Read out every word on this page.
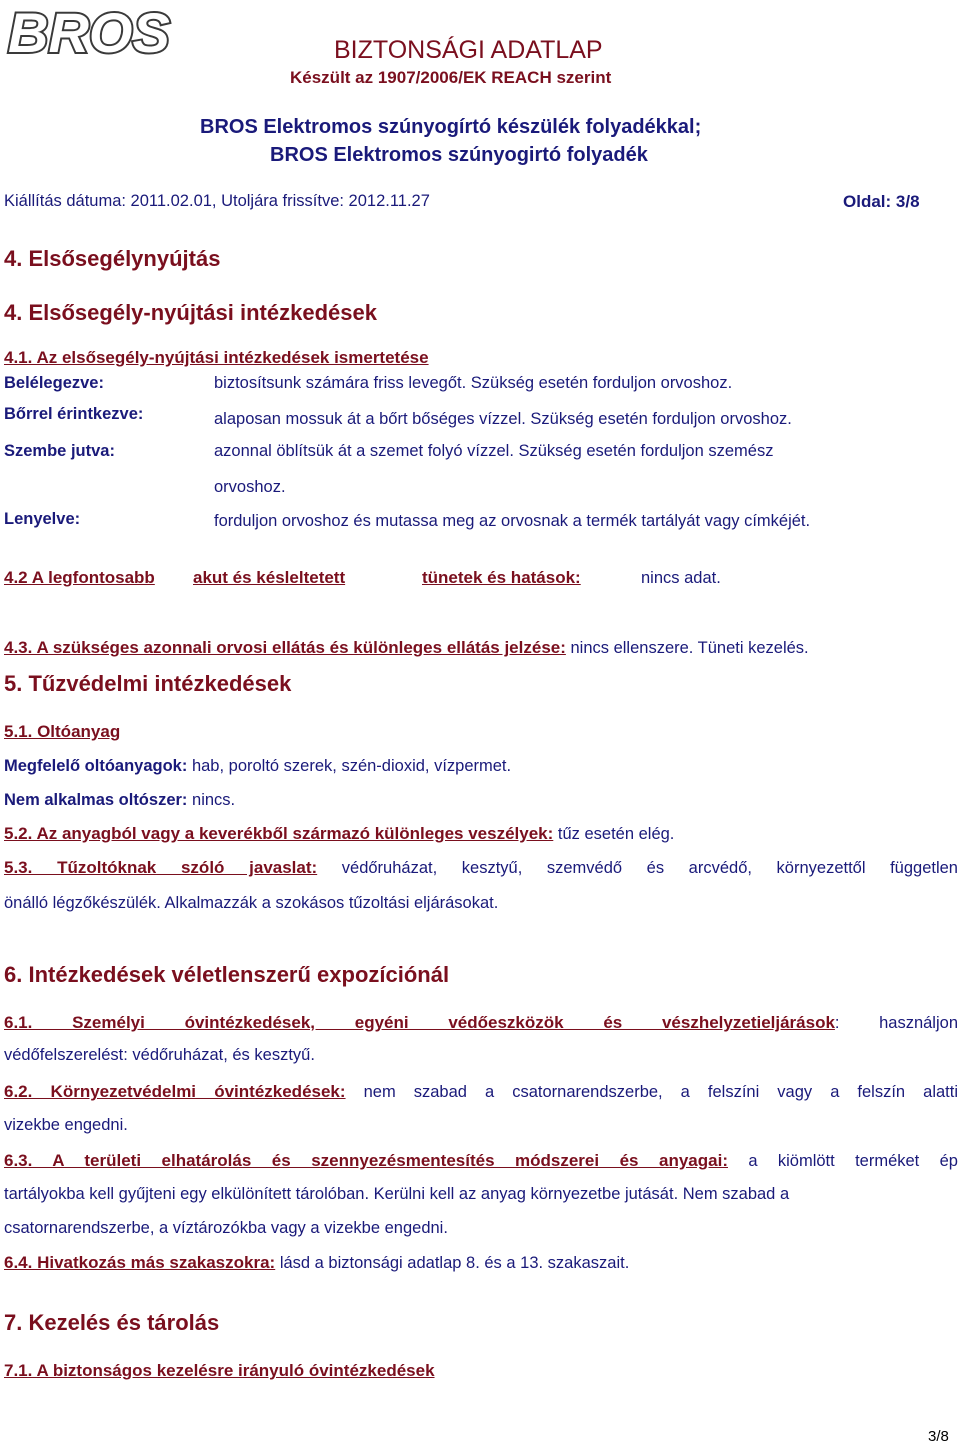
BROS	BIZTONSÁGI ADATLAP
Készült az 1907/2006/EK REACH szerint
BROS Elektromos szúnyogírtó készülék folyadékkal;
BROS Elektromos szúnyogirtó folyadék
Kiállítás dátuma: 2011.02.01, Utoljára frissítve: 2012.11.27	Oldal: 3/8
4. Elsősegélynyújtás
4. Elsősegély-nyújtási intézkedések
4.1. Az elsősegély-nyújtási intézkedések ismertetése
Belélegezve:	biztosítsunk számára friss levegőt. Szükség esetén forduljon orvoshoz.
Bőrrel érintkezve:	alaposan mossuk át a bőrt bőséges vízzel. Szükség esetén forduljon orvoshoz.
Szembe jutva:	azonnal öblítsük át a szemet folyó vízzel. Szükség esetén forduljon szemész
orvoshoz.
Lenyelve:	forduljon orvoshoz és mutassa meg az orvosnak a termék tartályát vagy címkéjét.
4.2 A legfontosabb akut és késleltetett	tünetek és hatások:	nincs adat.
4.3. A szükséges azonnali orvosi ellátás és különleges ellátás jelzése: nincs ellenszere. Tüneti kezelés.
5. Tűzvédelmi intézkedések
5.1. Oltóanyag
Megfelelő oltóanyagok: hab, poroltó szerek, szén-dioxid, vízpermet.
Nem alkalmas oltószer: nincs.
5.2. Az anyagból vagy a keverékből származó különleges veszélyek: tűz esetén elég.
5.3. Tűzoltóknak szóló javaslat: védőruházat, kesztyű, szemvédő és arcvédő, környezettől független
önálló légzőkészülék. Alkalmazzák a szokásos tűzoltási eljárásokat.
6. Intézkedések véletlenszerű expozíciónál
6.1. Személyi óvintézkedések, egyéni védőeszközök és vészhelyzetieljárások: használjon
védőfelszerelést: védőruházat, és kesztyű.
6.2. Környezetvédelmi óvintézkedések: nem szabad a csatornarendszerbe, a felszíni vagy a felszín alatti
vizekbe engedni.
6.3. A területi elhatárolás és szennyezésmentesítés módszerei és anyagai: a kiömlött terméket ép
tartályokba kell gyűjteni egy elkülönített tárolóban. Kerülni kell az anyag környezetbe jutását. Nem szabad a
csatornarendszerbe, a víztározókba vagy a vizekbe engedni.
6.4. Hivatkozás más szakaszokra: lásd a biztonsági adatlap 8. és a 13. szakaszait.
7. Kezelés és tárolás
7.1. A biztonságos kezelésre irányuló óvintézkedések
3/8
